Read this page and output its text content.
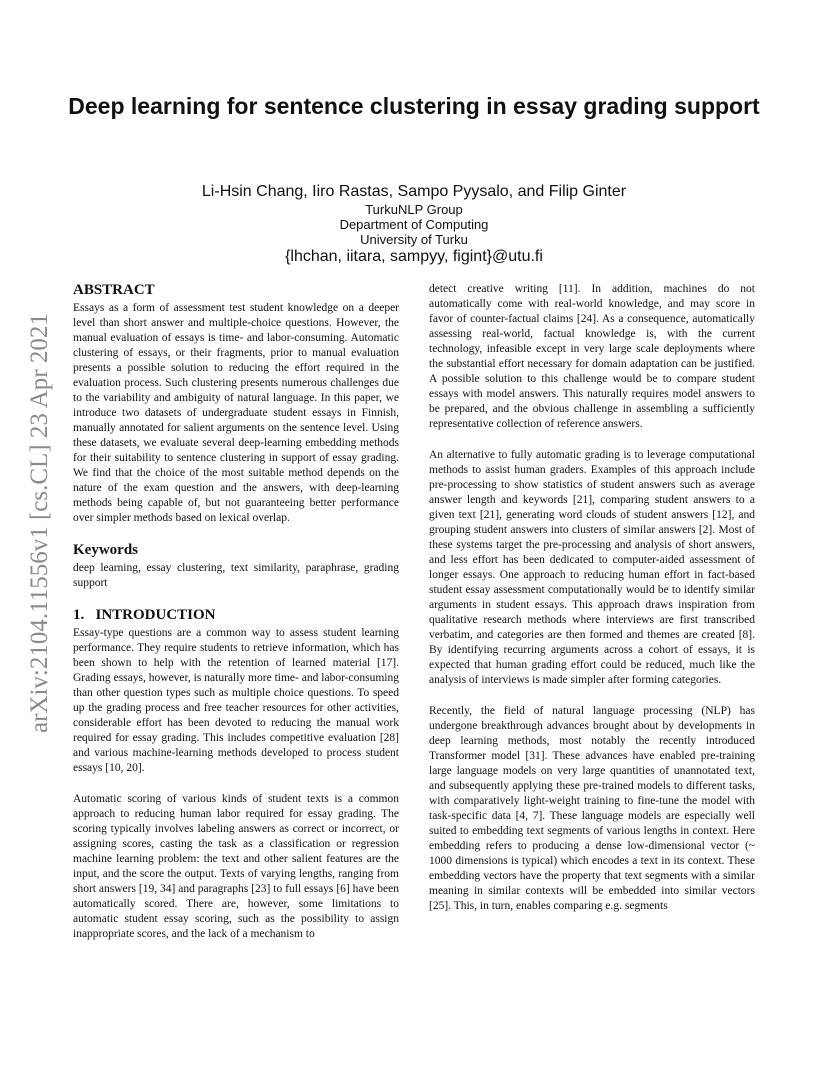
Deep learning for sentence clustering in essay grading support
Li-Hsin Chang, Iiro Rastas, Sampo Pyysalo, and Filip Ginter
TurkuNLP Group
Department of Computing
University of Turku
{lhchan, iitara, sampyy, figint}@utu.fi
arXiv:2104.11556v1 [cs.CL] 23 Apr 2021
ABSTRACT

Essays as a form of assessment test student knowledge on a deeper level than short answer and multiple-choice questions. However, the manual evaluation of essays is time- and labor-consuming. Automatic clustering of essays, or their fragments, prior to manual evaluation presents a possible solution to reducing the effort required in the evaluation process. Such clustering presents numerous challenges due to the variability and ambiguity of natural language. In this paper, we introduce two datasets of undergraduate student essays in Finnish, manually annotated for salient arguments on the sentence level. Using these datasets, we evaluate several deep-learning embedding methods for their suitability to sentence clustering in support of essay grading. We find that the choice of the most suitable method depends on the nature of the exam question and the answers, with deep-learning methods being capable of, but not guaranteeing better performance over simpler methods based on lexical overlap.

Keywords

deep learning, essay clustering, text similarity, paraphrase, grading support

1.   INTRODUCTION

Essay-type questions are a common way to assess student learning performance. They require students to retrieve information, which has been shown to help with the retention of learned material [17]. Grading essays, however, is naturally more time- and labor-consuming than other question types such as multiple choice questions. To speed up the grading process and free teacher resources for other activities, considerable effort has been devoted to reducing the manual work required for essay grading. This includes competitive evaluation [28] and various machine-learning methods developed to process student essays [10, 20].

Automatic scoring of various kinds of student texts is a common approach to reducing human labor required for essay grading. The scoring typically involves labeling answers as correct or incorrect, or assigning scores, casting the task as a classification or regression machine learning problem: the text and other salient features are the input, and the score the output. Texts of varying lengths, ranging from short answers [19, 34] and paragraphs [23] to full essays [6] have been automatically scored. There are, however, some limitations to automatic student essay scoring, such as the possibility to assign inappropriate scores, and the lack of a mechanism to

detect creative writing [11]. In addition, machines do not automatically come with real-world knowledge, and may score in favor of counter-factual claims [24]. As a consequence, automatically assessing real-world, factual knowledge is, with the current technology, infeasible except in very large scale deployments where the substantial effort necessary for domain adaptation can be justified. A possible solution to this challenge would be to compare student essays with model answers. This naturally requires model answers to be prepared, and the obvious challenge in assembling a sufficiently representative collection of reference answers.

An alternative to fully automatic grading is to leverage computational methods to assist human graders. Examples of this approach include pre-processing to show statistics of student answers such as average answer length and keywords [21], comparing student answers to a given text [21], generating word clouds of student answers [12], and grouping student answers into clusters of similar answers [2]. Most of these systems target the pre-processing and analysis of short answers, and less effort has been dedicated to computer-aided assessment of longer essays. One approach to reducing human effort in fact-based student essay assessment computationally would be to identify similar arguments in student essays. This approach draws inspiration from qualitative research methods where interviews are first transcribed verbatim, and categories are then formed and themes are created [8]. By identifying recurring arguments across a cohort of essays, it is expected that human grading effort could be reduced, much like the analysis of interviews is made simpler after forming categories.

Recently, the field of natural language processing (NLP) has undergone breakthrough advances brought about by developments in deep learning methods, most notably the recently introduced Transformer model [31]. These advances have enabled pre-training large language models on very large quantities of unannotated text, and subsequently applying these pre-trained models to different tasks, with comparatively light-weight training to fine-tune the model with task-specific data [4, 7]. These language models are especially well suited to embedding text segments of various lengths in context. Here embedding refers to producing a dense low-dimensional vector (~ 1000 dimensions is typical) which encodes a text in its context. These embedding vectors have the property that text segments with a similar meaning in similar contexts will be embedded into similar vectors [25]. This, in turn, enables comparing e.g. segments
